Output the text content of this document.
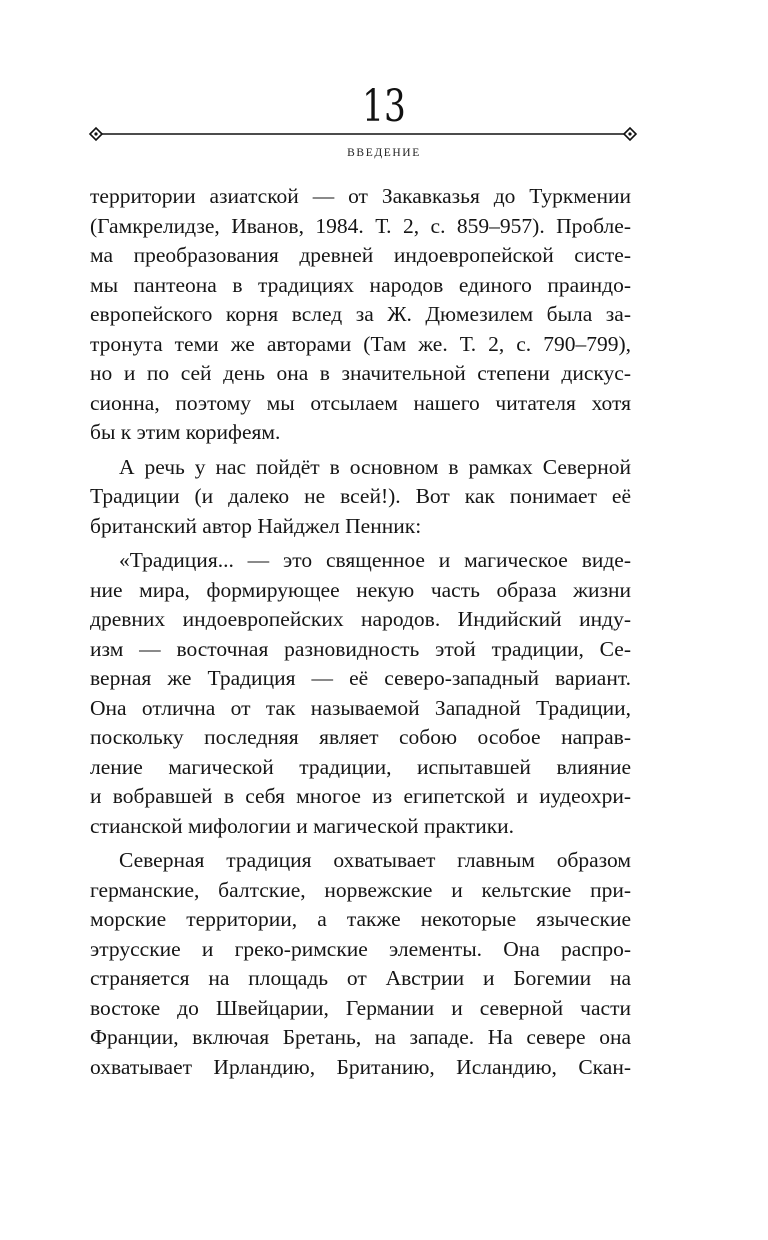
13
ВВЕДЕНИЕ
территории азиатской — от Закавказья до Туркмении
(Гамкрелидзе, Иванов, 1984. Т. 2, с. 859–957). Пробле-
ма преобразования древней индоевропейской систе-
мы пантеона в традициях народов единого праиндо-
европейского корня вслед за Ж. Дюмезилем была за-
тронута теми же авторами (Там же. Т. 2, с. 790–799),
но и по сей день она в значительной степени дискус-
сионна, поэтому мы отсылаем нашего читателя хотя
бы к этим корифеям.
А речь у нас пойдёт в основном в рамках Северной
Традиции (и далеко не всей!). Вот как понимает её
британский автор Найджел Пенник:
«Традиция... — это священное и магическое виде-
ние мира, формирующее некую часть образа жизни
древних индоевропейских народов. Индийский инду-
изм — восточная разновидность этой традиции, Се-
верная же Традиция — её северо-западный вариант.
Она отлична от так называемой Западной Традиции,
поскольку последняя являет собою особое направ-
ление магической традиции, испытавшей влияние
и вобравшей в себя многое из египетской и иудеохри-
стианской мифологии и магической практики.
Северная традиция охватывает главным образом
германские, балтские, норвежские и кельтские при-
морские территории, а также некоторые языческие
этрусские и греко-римские элементы. Она распро-
страняется на площадь от Австрии и Богемии на
востоке до Швейцарии, Германии и северной части
Франции, включая Бретань, на западе. На севере она
охватывает Ирландию, Британию, Исландию, Скан-
